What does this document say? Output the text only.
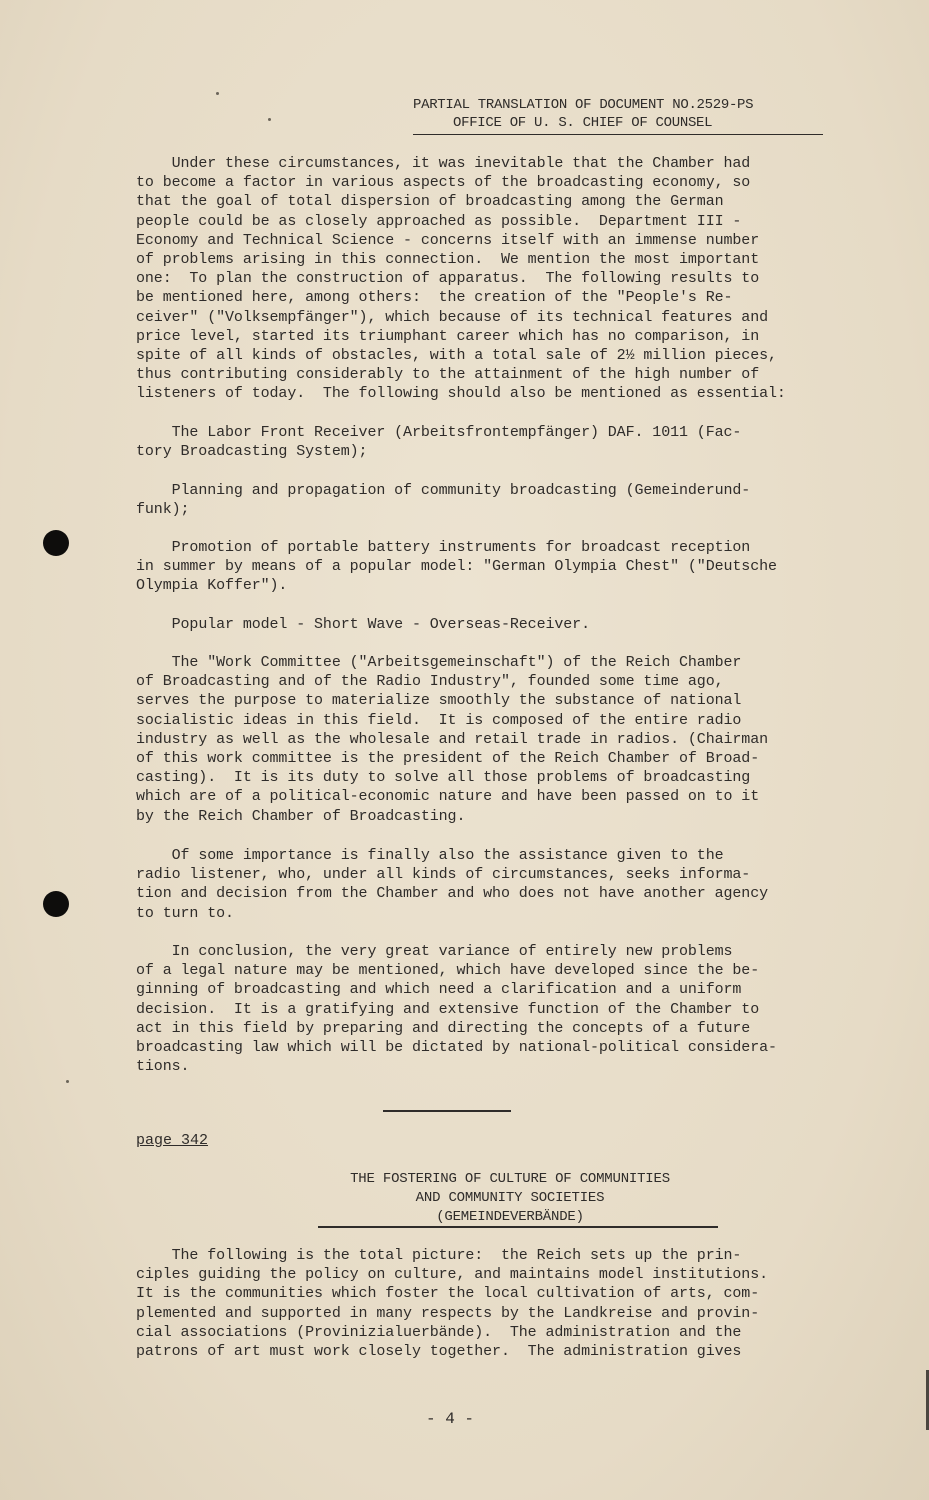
PARTIAL TRANSLATION OF DOCUMENT NO.2529-PS
OFFICE OF U. S. CHIEF OF COUNSEL

Under these circumstances, it was inevitable that the Chamber had
to become a factor in various aspects of the broadcasting economy, so
that the goal of total dispersion of broadcasting among the German
people could be as closely approached as possible.  Department III -
Economy and Technical Science - concerns itself with an immense number
of problems arising in this connection.  We mention the most important
one:  To plan the construction of apparatus.  The following results to
be mentioned here, among others:  the creation of the "People's Re-
ceiver" ("Volksempfänger"), which because of its technical features and
price level, started its triumphant career which has no comparison, in
spite of all kinds of obstacles, with a total sale of 2½ million pieces,
thus contributing considerably to the attainment of the high number of
listeners of today.  The following should also be mentioned as essential:

The Labor Front Receiver (Arbeitsfrontempfänger) DAF. 1011 (Fac-
tory Broadcasting System);

Planning and propagation of community broadcasting (Gemeinderund-
funk);

Promotion of portable battery instruments for broadcast reception
in summer by means of a popular model: "German Olympia Chest" ("Deutsche
Olympia Koffer").

Popular model - Short Wave - Overseas-Receiver.

The "Work Committee ("Arbeitsgemeinschaft") of the Reich Chamber
of Broadcasting and of the Radio Industry", founded some time ago,
serves the purpose to materialize smoothly the substance of national
socialistic ideas in this field.  It is composed of the entire radio
industry as well as the wholesale and retail trade in radios. (Chairman
of this work committee is the president of the Reich Chamber of Broad-
casting).  It is its duty to solve all those problems of broadcasting
which are of a political-economic nature and have been passed on to it
by the Reich Chamber of Broadcasting.

Of some importance is finally also the assistance given to the
radio listener, who, under all kinds of circumstances, seeks informa-
tion and decision from the Chamber and who does not have another agency
to turn to.

In conclusion, the very great variance of entirely new problems
of a legal nature may be mentioned, which have developed since the be-
ginning of broadcasting and which need a clarification and a uniform
decision.  It is a gratifying and extensive function of the Chamber to
act in this field by preparing and directing the concepts of a future
broadcasting law which will be dictated by national-political considera-
tions.

page 342
THE FOSTERING OF CULTURE OF COMMUNITIES
AND COMMUNITY SOCIETIES
(GEMEINDEVERBÄNDE)

The following is the total picture:  the Reich sets up the prin-
ciples guiding the policy on culture, and maintains model institutions.
It is the communities which foster the local cultivation of arts, com-
plemented and supported in many respects by the Landkreise and provin-
cial associations (Provinizialuerbände).  The administration and the
patrons of art must work closely together.  The administration gives

- 4 -
